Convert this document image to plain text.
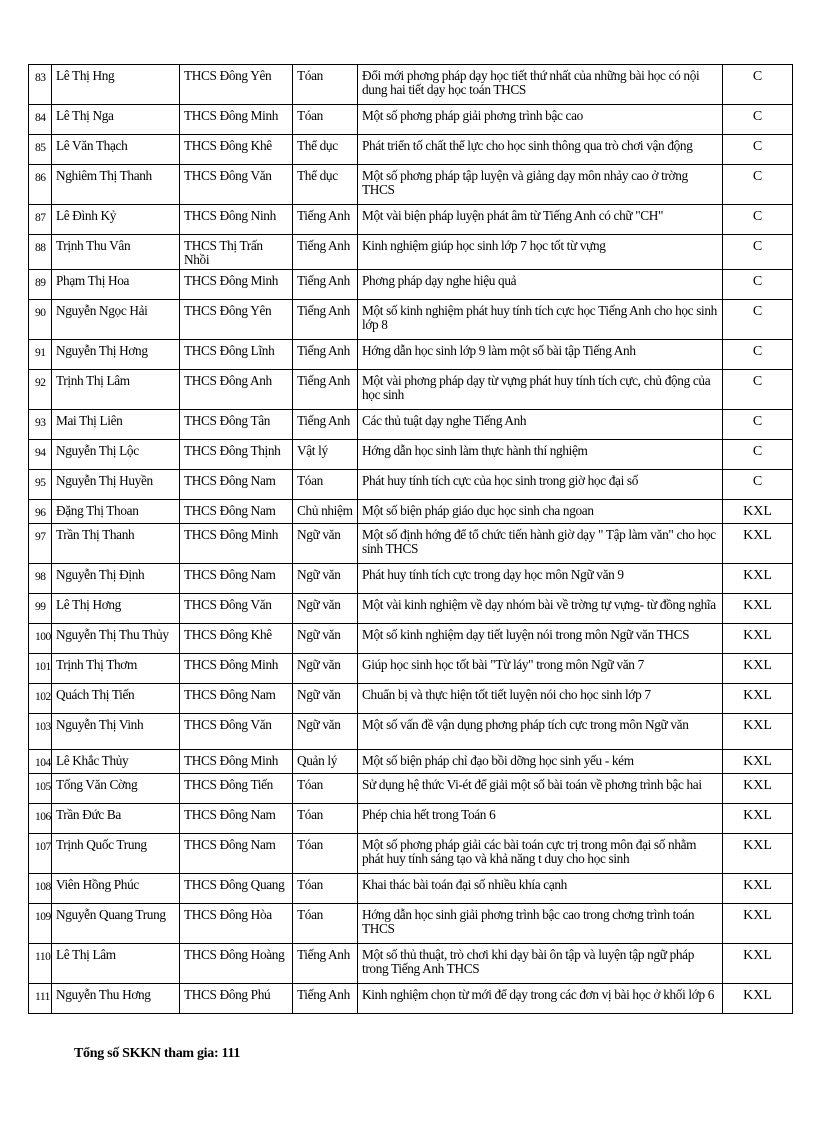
83	Lê Thị Hng	THCS Đông Yên	Tóan	Đổi mới phơng pháp dạy học tiết thứ nhất của những bài học có nội dung hai tiết dạy học toán THCS	C
84	Lê Thị Nga	THCS Đông Minh	Tóan	Một số phơng pháp giải phơng trình bậc cao	C
85	Lê Văn Thạch	THCS Đông Khê	Thể dục	Phát triển tố chất thể lực cho học sinh thông qua trò chơi vận động	C
86	Nghiêm Thị Thanh	THCS Đông Văn	Thể dục	Một số phơng pháp tập luyện và giảng dạy môn nhảy cao ở trờng THCS	C
87	Lê Đình Kỷ	THCS Đông Ninh	Tiếng Anh	Một vài biện pháp luyện phát âm từ Tiếng Anh có chữ "CH"	C
88	Trịnh Thu Vân	THCS Thị Trấn Nhồi	Tiếng Anh	Kinh nghiệm giúp học sinh lớp 7 học tốt từ vựng	C
89	Phạm Thị Hoa	THCS Đông Minh	Tiếng Anh	Phơng pháp dạy nghe hiệu quả	C
90	Nguyễn Ngọc Hải	THCS Đông Yên	Tiếng Anh	Một số kinh nghiệm phát huy tính tích cực học Tiếng Anh cho học sinh lớp 8	C
91	Nguyễn Thị Hơng	THCS Đông Lĩnh	Tiếng Anh	Hớng dẫn học sinh lớp 9 làm một số bài tập Tiếng Anh	C
92	Trịnh Thị Lâm	THCS Đông Anh	Tiếng Anh	Một vài phơng pháp dạy từ vựng phát huy tính tích cực, chủ động của học sinh	C
93	Mai Thị Liên	THCS Đông Tân	Tiếng Anh	Các thủ tuật dạy nghe Tiếng Anh	C
94	Nguyễn Thị Lộc	THCS Đông Thịnh	Vật lý	Hớng dẫn học sinh làm thực hành thí nghiệm	C
95	Nguyễn Thị Huyền	THCS Đông Nam	Tóan	Phát huy tính tích cực của học sinh trong giờ học đại số	C
96	Đặng Thị Thoan	THCS Đông Nam	Chủ nhiệm	Một số biện pháp giáo dục học sinh cha ngoan	KXL
97	Trần Thị Thanh	THCS Đông Minh	Ngữ văn	Một số định hớng để tổ chức tiến hành giờ dạy " Tập làm văn" cho học sinh THCS	KXL
98	Nguyễn Thị Định	THCS Đông Nam	Ngữ văn	Phát huy tính tích cực trong dạy học môn Ngữ văn 9	KXL
99	Lê Thị Hơng	THCS Đông Văn	Ngữ văn	Một vài kinh nghiệm về dạy nhóm bài về trờng tự vựng- từ đồng nghĩa	KXL
100	Nguyễn Thị Thu Thủy	THCS Đông Khê	Ngữ văn	Một số kinh nghiệm dạy tiết luyện nói trong môn Ngữ văn THCS	KXL
101	Trịnh Thị Thơm	THCS Đông Minh	Ngữ văn	Giúp học sinh học tốt bài "Từ láy" trong môn Ngữ văn 7	KXL
102	Quách Thị Tiến	THCS Đông Nam	Ngữ văn	Chuẩn bị và thực hiện tốt tiết luyện nói cho học sinh lớp 7	KXL
103	Nguyễn Thị Vinh	THCS Đông Văn	Ngữ văn	Một số vấn đề vận dụng phơng pháp tích cực trong môn Ngữ văn	KXL
104	Lê Khắc Thủy	THCS Đông Minh	Quản lý	Một số biện pháp chỉ đạo bồi dỡng học sinh yếu - kém	KXL
105	Tống Văn Cờng	THCS Đông Tiến	Tóan	Sử dụng hệ thức Vi-ét để giải một số bài toán về phơng trình bậc hai	KXL
106	Trần Đức Ba	THCS Đông Nam	Tóan	Phép chia hết trong Toán 6	KXL
107	Trịnh Quốc Trung	THCS Đông Nam	Tóan	Một số phơng pháp giải các bài toán cực trị trong môn đại số nhằm phát huy tính sáng tạo và khả năng t duy cho học sinh	KXL
108	Viên Hồng Phúc	THCS Đông Quang	Tóan	Khai thác bài toán đại số nhiều khía cạnh	KXL
109	Nguyễn Quang Trung	THCS Đông Hòa	Tóan	Hớng dẫn học sinh giải phơng trình bậc cao trong chơng trình toán THCS	KXL
110	Lê Thị Lâm	THCS Đông Hoàng	Tiếng Anh	Một số thủ thuật, trò chơi khi dạy bài ôn tập và luyện tập ngữ pháp trong Tiếng Anh THCS	KXL
111	Nguyễn Thu Hơng	THCS Đông Phú	Tiếng Anh	Kinh nghiệm chọn từ mới để dạy trong các đơn vị bài học ở khối lớp 6	KXL
Tổng số SKKN tham gia: 111
